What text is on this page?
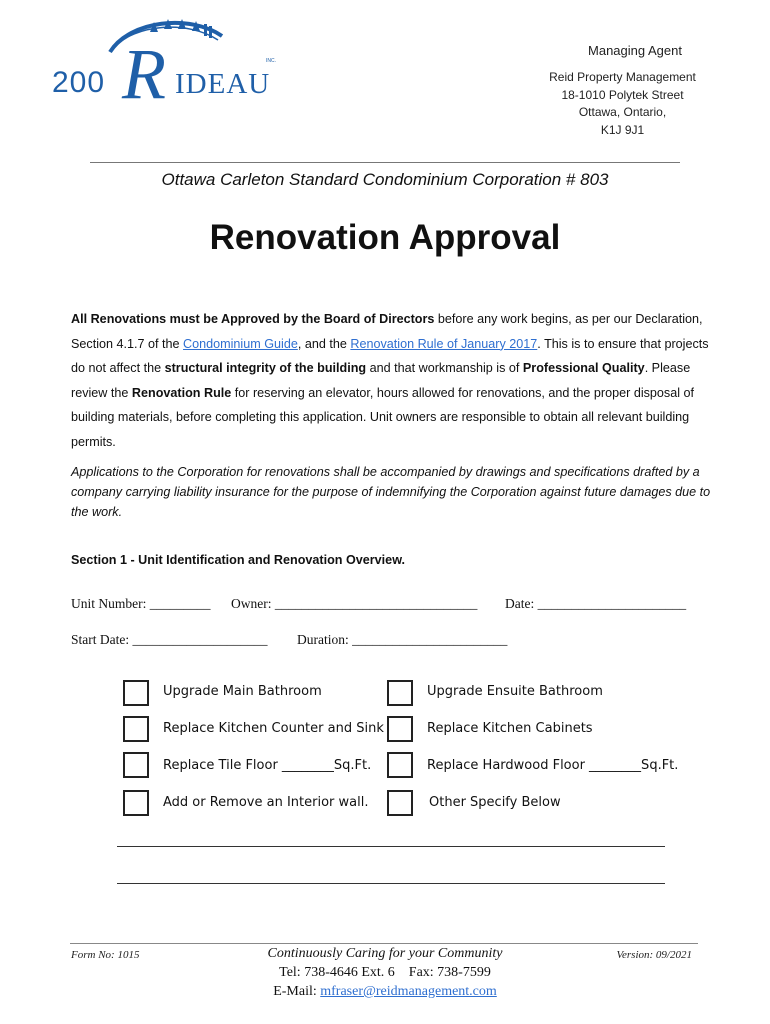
200 R IDEAU
INC.
Managing Agent
Reid Property Management
18-1010 Polytek Street
Ottawa, Ontario,
K1J 9J1
Ottawa Carleton Standard Condominium Corporation # 803
Renovation Approval
All Renovations must be Approved by the Board of Directors before any work begins, as per our Declaration, Section 4.1.7 of the Condominium Guide, and the Renovation Rule of January 2017. This is to ensure that projects do not affect the structural integrity of the building and that workmanship is of Professional Quality. Please review the Renovation Rule for reserving an elevator, hours allowed for renovations, and the proper disposal of building materials, before completing this application. Unit owners are responsible to obtain all relevant building permits.
Applications to the Corporation for renovations shall be accompanied by drawings and specifications drafted by a company carrying liability insurance for the purpose of indemnifying the Corporation against future damages due to the work.
Section 1 - Unit Identification and Renovation Overview.
Unit Number: _________ Owner: ______________________________ Date: ______________________
Start Date: ____________________ Duration: _______________________
Upgrade Main Bathroom	Upgrade Ensuite Bathroom
Replace Kitchen Counter and Sink	Replace Kitchen Cabinets
Replace Tile Floor ________Sq.Ft.	Replace Hardwood Floor ________Sq.Ft.
Add or Remove an Interior wall.	Other Specify Below
Form No: 1015	Version: 09/2021
Continuously Caring for your Community
Tel: 738-4646 Ext. 6    Fax: 738-7599
E-Mail: mfraser@reidmanagement.com
